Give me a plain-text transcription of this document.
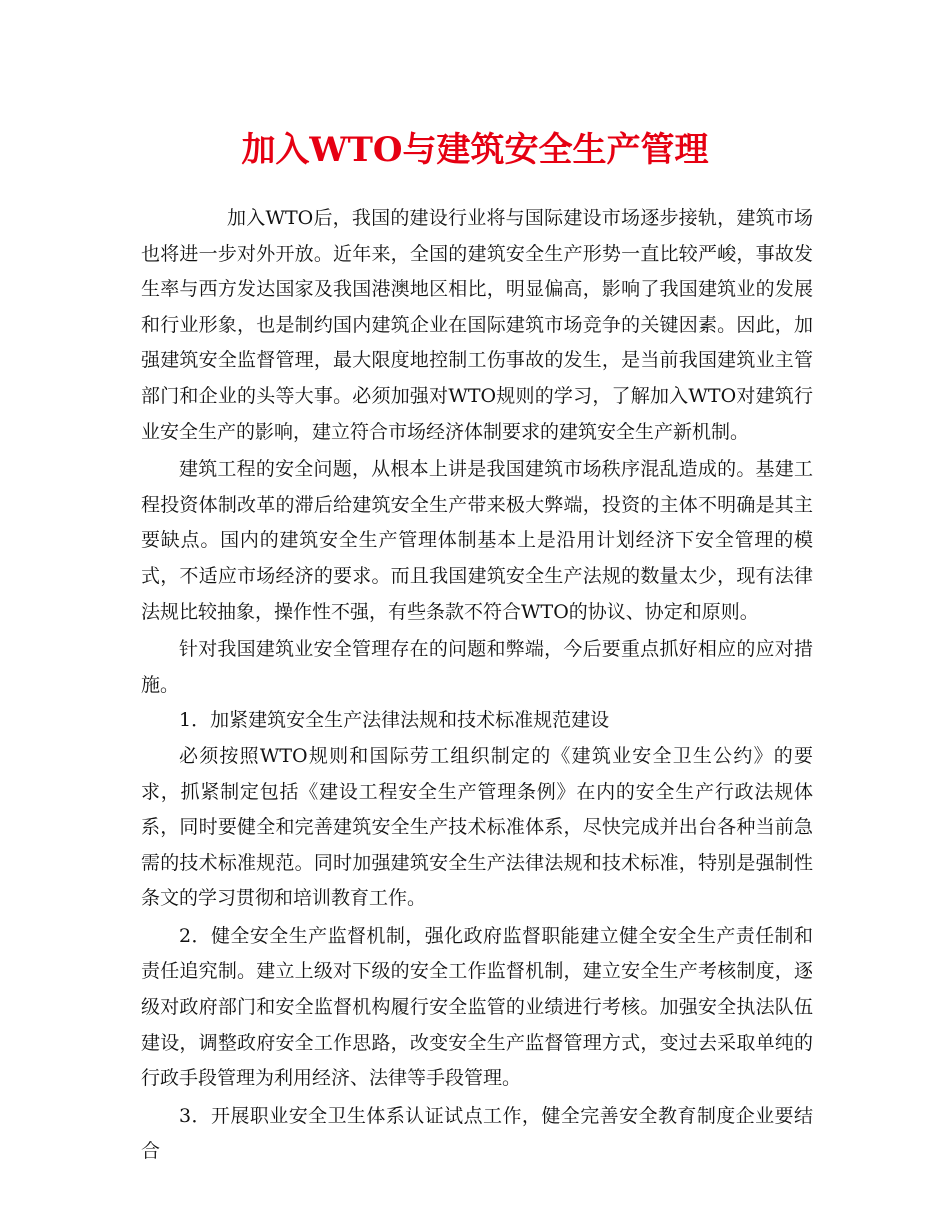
加入WTO与建筑安全生产管理

加入WTO后，我国的建设行业将与国际建设市场逐步接轨，建筑市场也将进一步对外开放。近年来，全国的建筑安全生产形势一直比较严峻，事故发生率与西方发达国家及我国港澳地区相比，明显偏高，影响了我国建筑业的发展和行业形象，也是制约国内建筑企业在国际建筑市场竞争的关键因素。因此，加强建筑安全监督管理，最大限度地控制工伤事故的发生，是当前我国建筑业主管部门和企业的头等大事。必须加强对WTO规则的学习，了解加入WTO对建筑行业安全生产的影响，建立符合市场经济体制要求的建筑安全生产新机制。

建筑工程的安全问题，从根本上讲是我国建筑市场秩序混乱造成的。基建工程投资体制改革的滞后给建筑安全生产带来极大弊端，投资的主体不明确是其主要缺点。国内的建筑安全生产管理体制基本上是沿用计划经济下安全管理的模式，不适应市场经济的要求。而且我国建筑安全生产法规的数量太少，现有法律法规比较抽象，操作性不强，有些条款不符合WTO的协议、协定和原则。

针对我国建筑业安全管理存在的问题和弊端，今后要重点抓好相应的应对措施。

1．加紧建筑安全生产法律法规和技术标准规范建设

必须按照WTO规则和国际劳工组织制定的《建筑业安全卫生公约》的要求，抓紧制定包括《建设工程安全生产管理条例》在内的安全生产行政法规体系，同时要健全和完善建筑安全生产技术标准体系，尽快完成并出台各种当前急需的技术标准规范。同时加强建筑安全生产法律法规和技术标准，特别是强制性条文的学习贯彻和培训教育工作。

2．健全安全生产监督机制，强化政府监督职能建立健全安全生产责任制和责任追究制。建立上级对下级的安全工作监督机制，建立安全生产考核制度，逐级对政府部门和安全监督机构履行安全监管的业绩进行考核。加强安全执法队伍建设，调整政府安全工作思路，改变安全生产监督管理方式，变过去采取单纯的行政手段管理为利用经济、法律等手段管理。

3．开展职业安全卫生体系认证试点工作，健全完善安全教育制度企业要结合
